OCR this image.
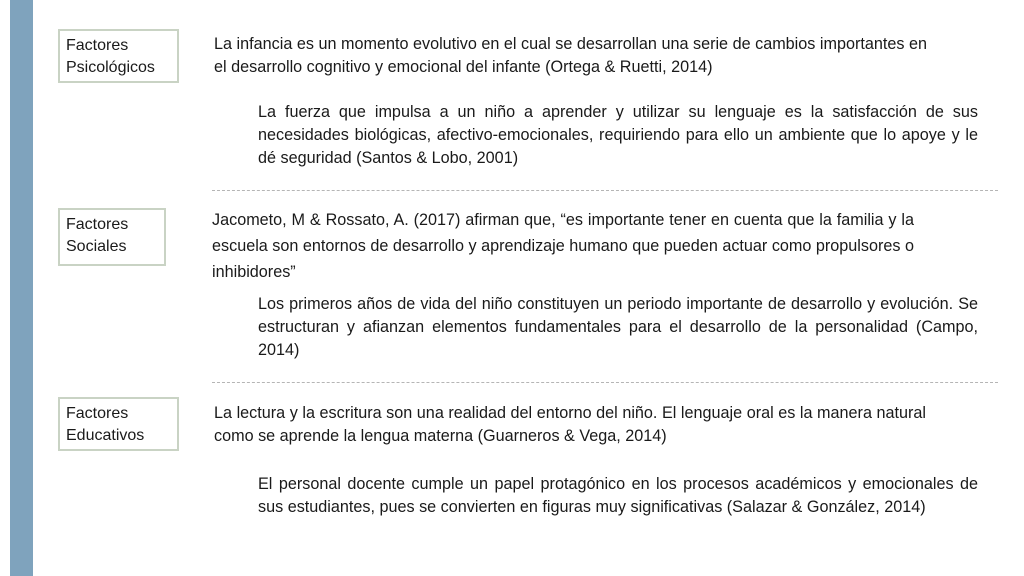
Factores
Psicológicos

La infancia es un momento evolutivo en el cual se desarrollan una serie de cambios importantes en el desarrollo cognitivo y emocional del infante (Ortega & Ruetti, 2014)

La fuerza que impulsa a un niño a aprender y utilizar su lenguaje es la satisfacción de sus necesidades biológicas, afectivo-emocionales, requiriendo para ello un ambiente que lo apoye y le dé seguridad (Santos & Lobo, 2001)

Factores
Sociales

Jacometo, M & Rossato, A. (2017) afirman que, “es importante tener en cuenta que la familia y la escuela son entornos de desarrollo y aprendizaje humano que pueden actuar como propulsores o inhibidores”

Los primeros años de vida del niño constituyen un periodo importante de desarrollo y evolución. Se estructuran y afianzan elementos fundamentales para el desarrollo de la personalidad (Campo, 2014)

Factores
Educativos

La lectura y la escritura son una realidad del entorno del niño. El lenguaje oral es la manera natural como se aprende la lengua materna (Guarneros & Vega, 2014)

El personal docente cumple un papel protagónico en los procesos académicos y emocionales de sus estudiantes, pues se convierten en figuras muy significativas (Salazar & González, 2014)
